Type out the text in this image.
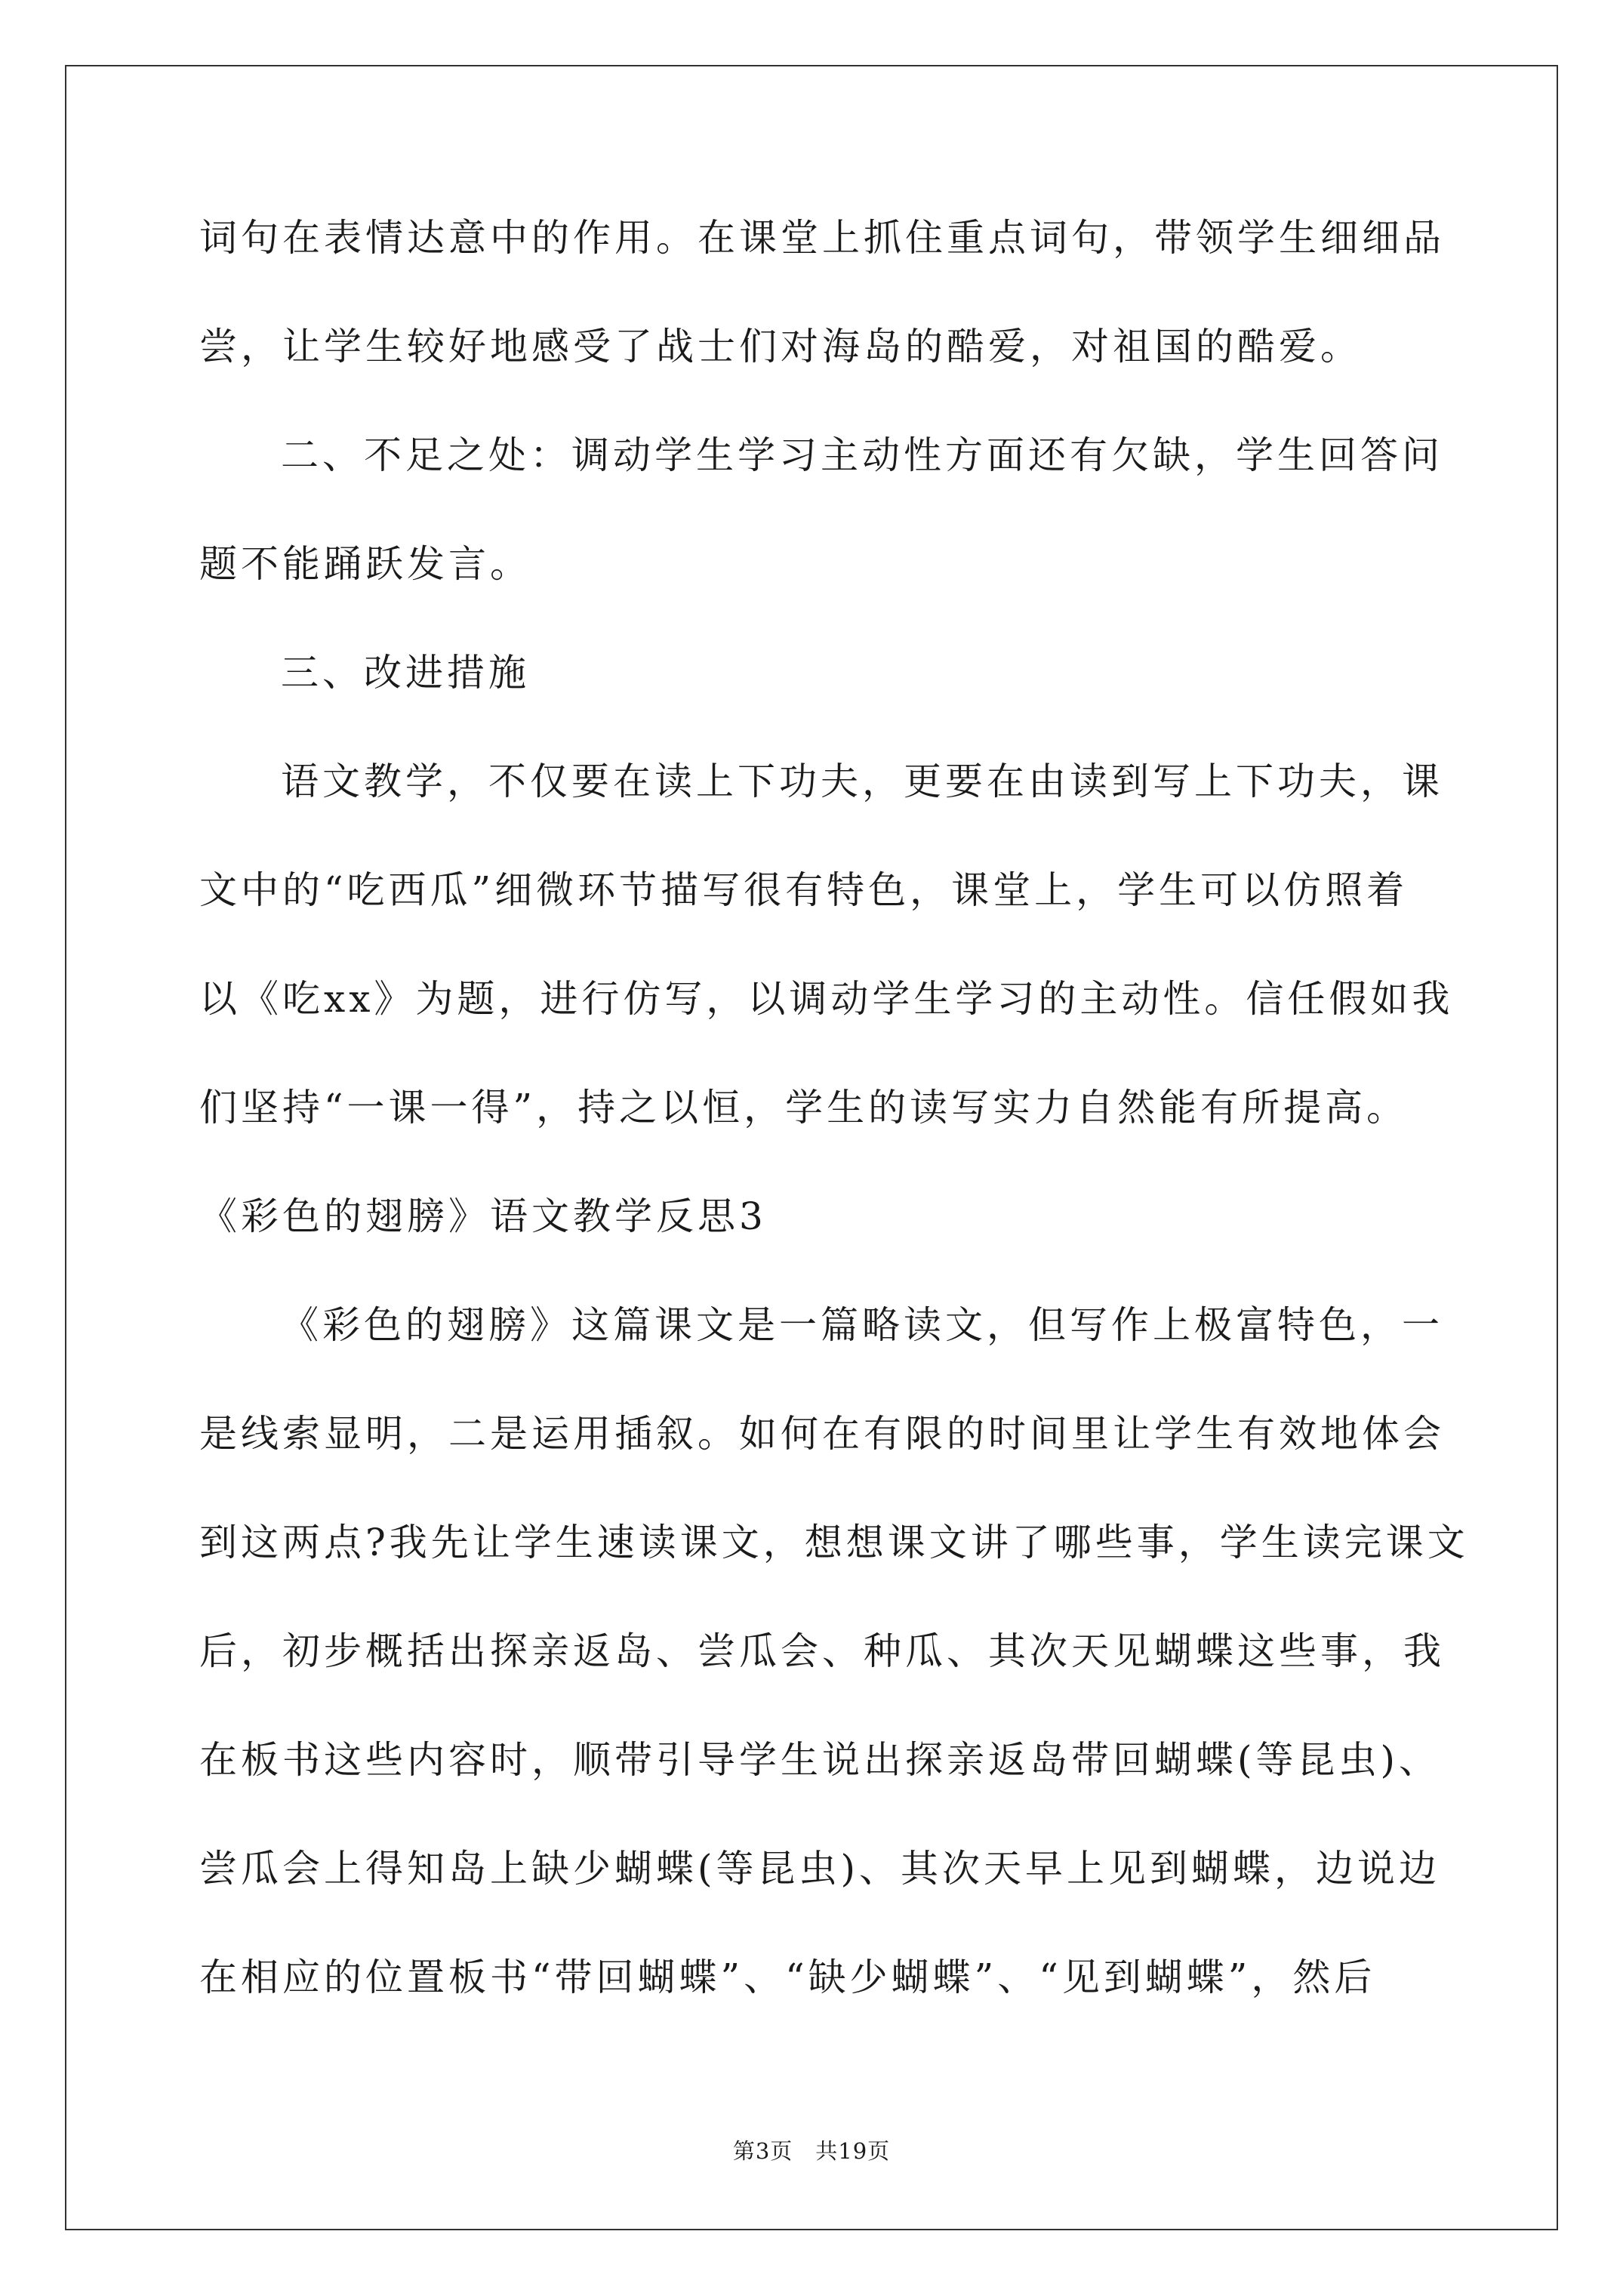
词句在表情达意中的作用。在课堂上抓住重点词句，带领学生细细品
尝，让学生较好地感受了战士们对海岛的酷爱，对祖国的酷爱。
二、不足之处：调动学生学习主动性方面还有欠缺，学生回答问
题不能踊跃发言。
三、改进措施
语文教学，不仅要在读上下功夫，更要在由读到写上下功夫，课
文中的“吃西瓜”细微环节描写很有特色，课堂上，学生可以仿照着
以《吃xx》为题，进行仿写，以调动学生学习的主动性。信任假如我
们坚持“一课一得”，持之以恒，学生的读写实力自然能有所提高。
《彩色的翅膀》语文教学反思3
《彩色的翅膀》这篇课文是一篇略读文，但写作上极富特色，一
是线索显明，二是运用插叙。如何在有限的时间里让学生有效地体会
到这两点?我先让学生速读课文，想想课文讲了哪些事，学生读完课文
后，初步概括出探亲返岛、尝瓜会、种瓜、其次天见蝴蝶这些事，我
在板书这些内容时，顺带引导学生说出探亲返岛带回蝴蝶(等昆虫)、
尝瓜会上得知岛上缺少蝴蝶(等昆虫)、其次天早上见到蝴蝶，边说边
在相应的位置板书“带回蝴蝶”、“缺少蝴蝶”、“见到蝴蝶”，然后
第3页　共19页
